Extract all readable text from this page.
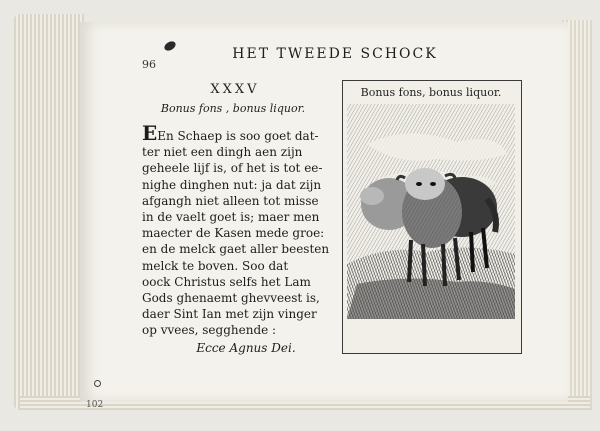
96
HET TWEEDE SCHOCK
XXXV
Bonus fons , bonus liquor.
EEn Schaep is soo goet dat-
ter niet een dingh aen zijn
geheele lijf is, of het is tot ee-
nighe dinghen nut: ja dat zijn
afgangh niet alleen tot misse
in de vaelt goet is; maer men
maecter de Kasen mede groe:
en de melck gaet aller beesten
melck te boven. Soo dat
oock Christus selfs het Lam
Gods ghenaemt ghevveest is,
daer Sint Ian met zijn vinger
op vvees, segghende :
Ecce Agnus Dei.
Bonus fons, bonus liquor.
102
